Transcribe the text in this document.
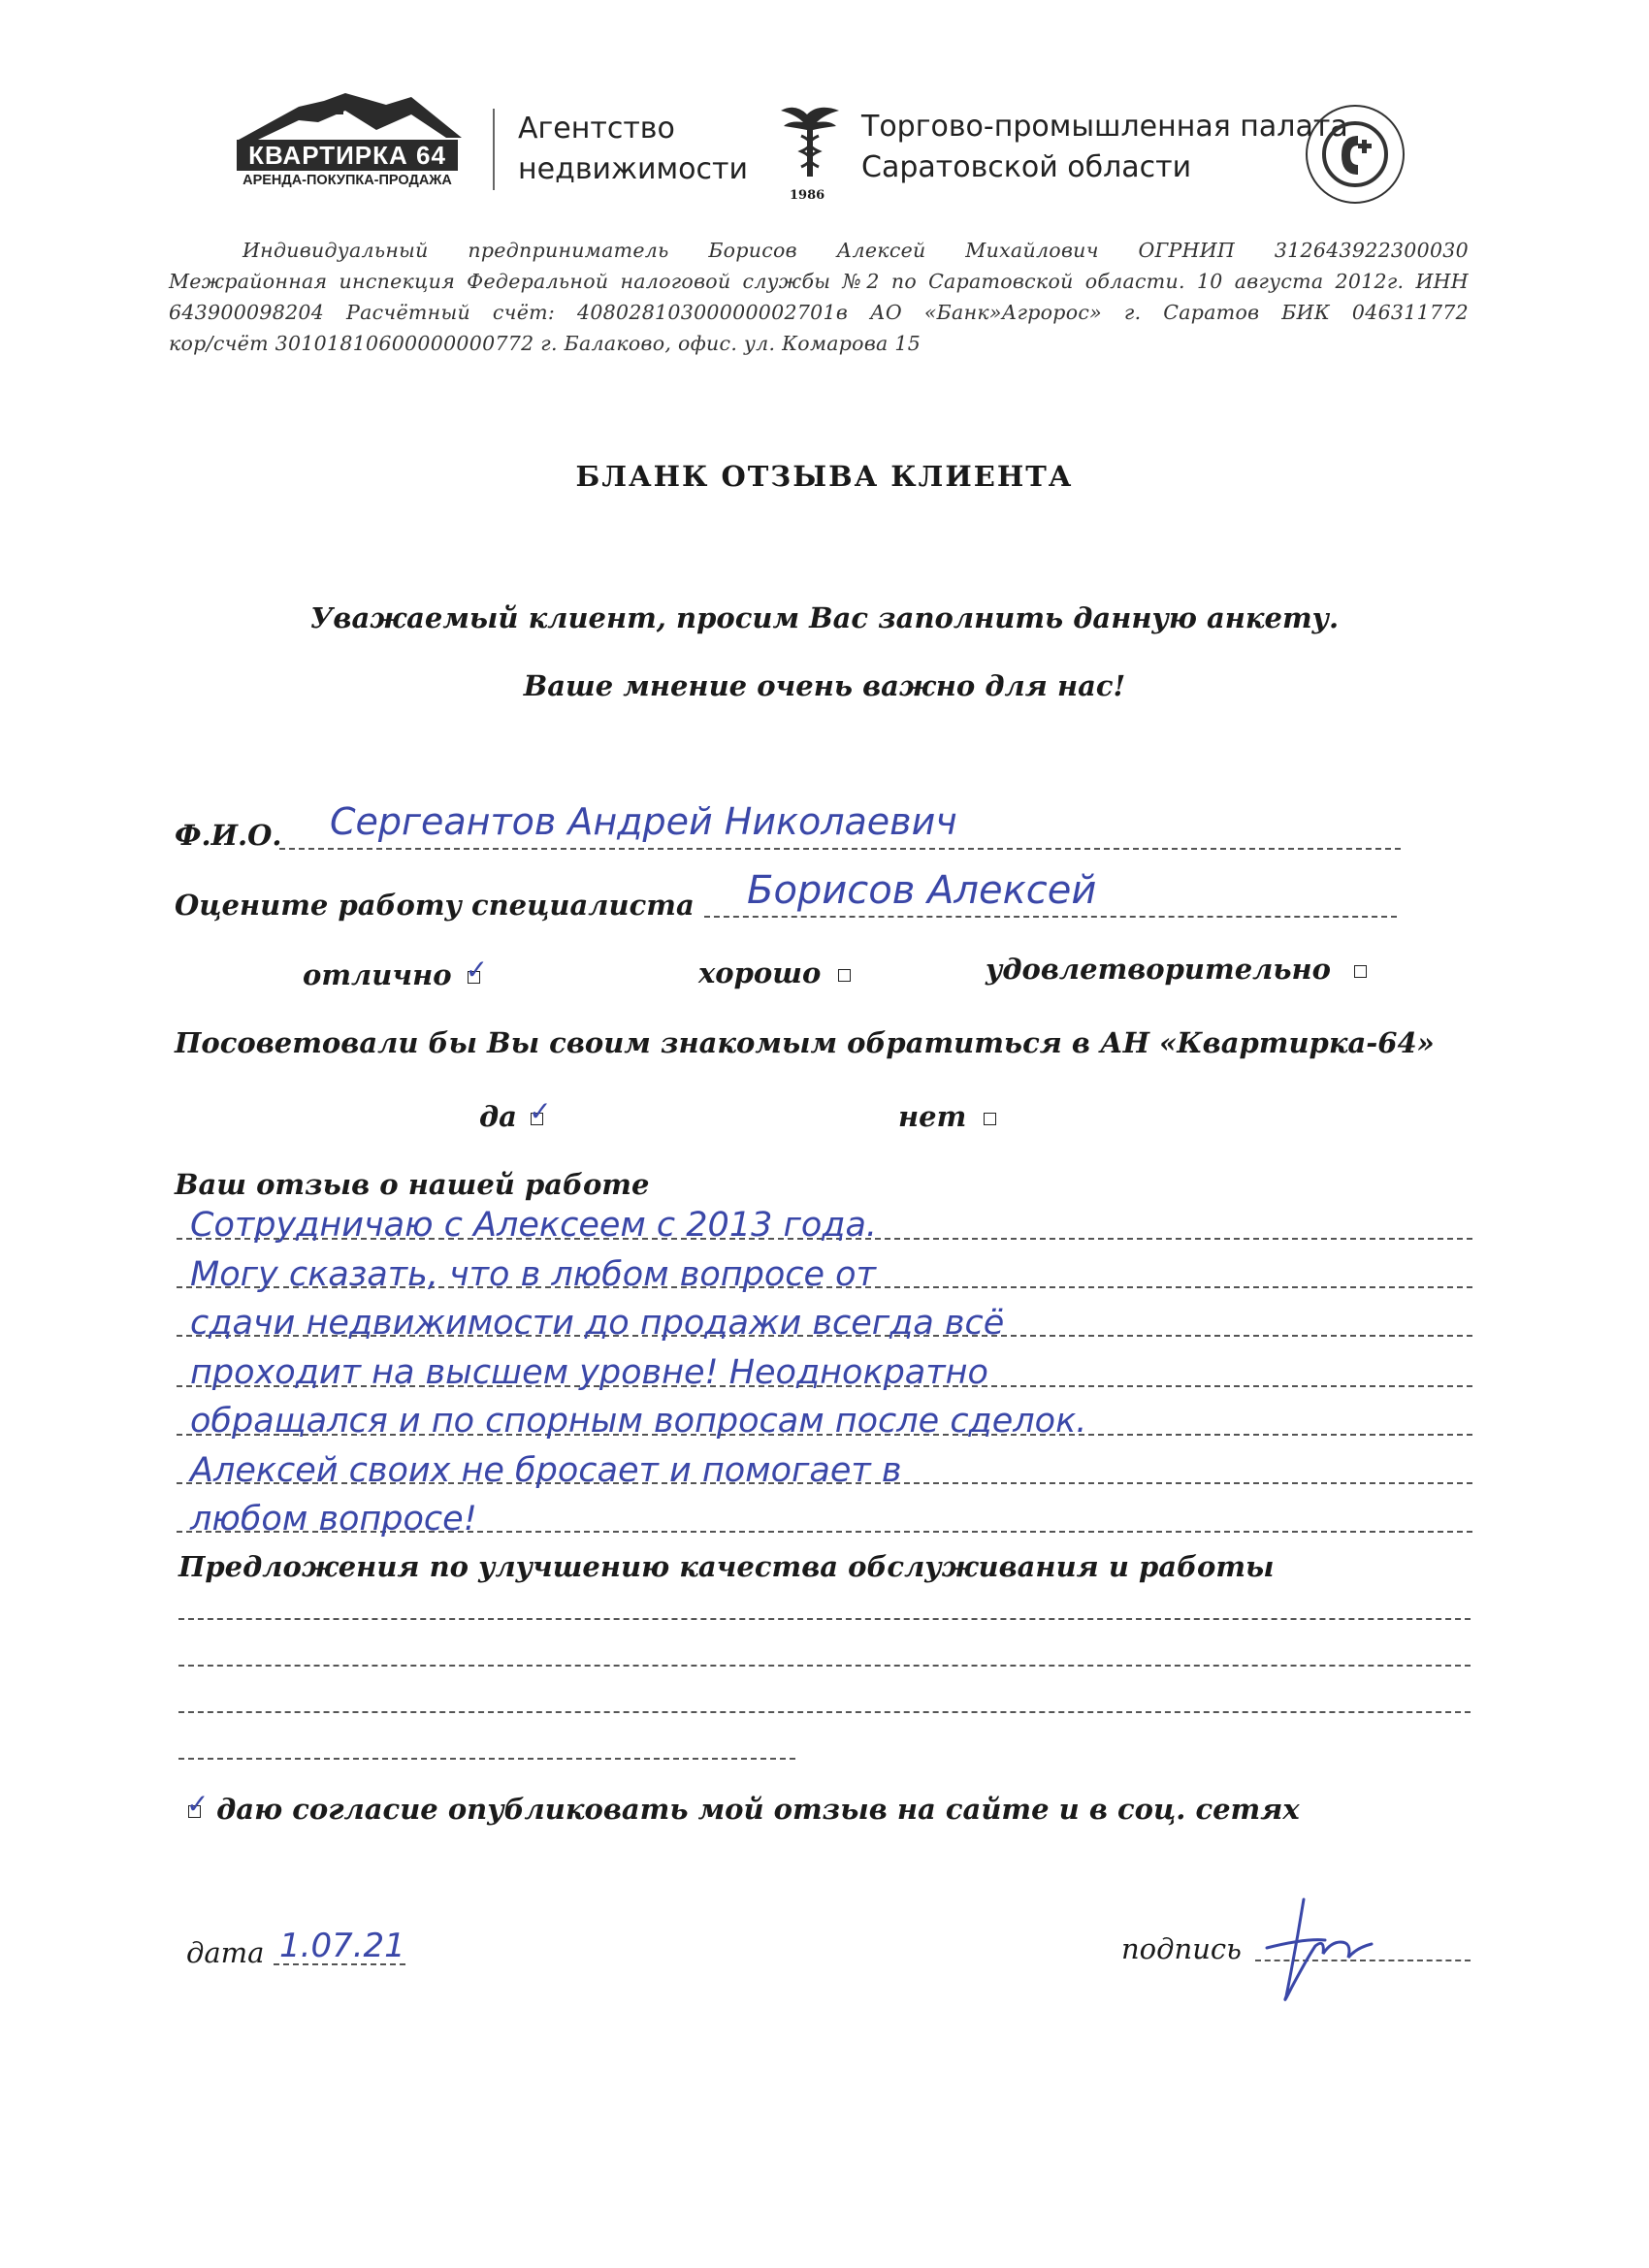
КВАРТИРКА 64
АРЕНДА-ПОКУПКА-ПРОДАЖА
Агентство
недвижимости
1986
Торгово-промышленная палата
Саратовской области
Индивидуальный предприниматель Борисов Алексей Михайлович ОГРНИП 312643922300030
Межрайонная инспекция Федеральной налоговой службы №2 по Саратовской области. 10 августа 2012г. ИНН
643900098204 Расчётный счёт: 40802810300000002701в АО «Банк»Агророс» г. Саратов БИК 046311772
кор/счёт 30101810600000000772 г. Балаково, офис. ул. Комарова 15
БЛАНК ОТЗЫВА КЛИЕНТА
Уважаемый клиент, просим Вас заполнить данную анкету.
Ваше мнение очень важно для нас!
Ф.И.О. Сергеантов Андрей Николаевич
Оцените работу специалиста Борисов Алексей
отлично ✓	хорошо	удовлетворительно
Посоветовали бы Вы своим знакомым обратиться в АН «Квартирка-64»
да ✓	нет
Ваш отзыв о нашей работе
Сотрудничаю с Алексеем с 2013 года.
Могу сказать, что в любом вопросе от
сдачи недвижимости до продажи всегда всё
проходит на высшем уровне! Неоднократно
обращался и по спорным вопросам после сделок.
Алексей своих не бросает и помогает в
любом вопросе!
Предложения по улучшению качества обслуживания и работы
✓ даю согласие опубликовать мой отзыв на сайте и в соц. сетях
дата 1.07.21	подпись
